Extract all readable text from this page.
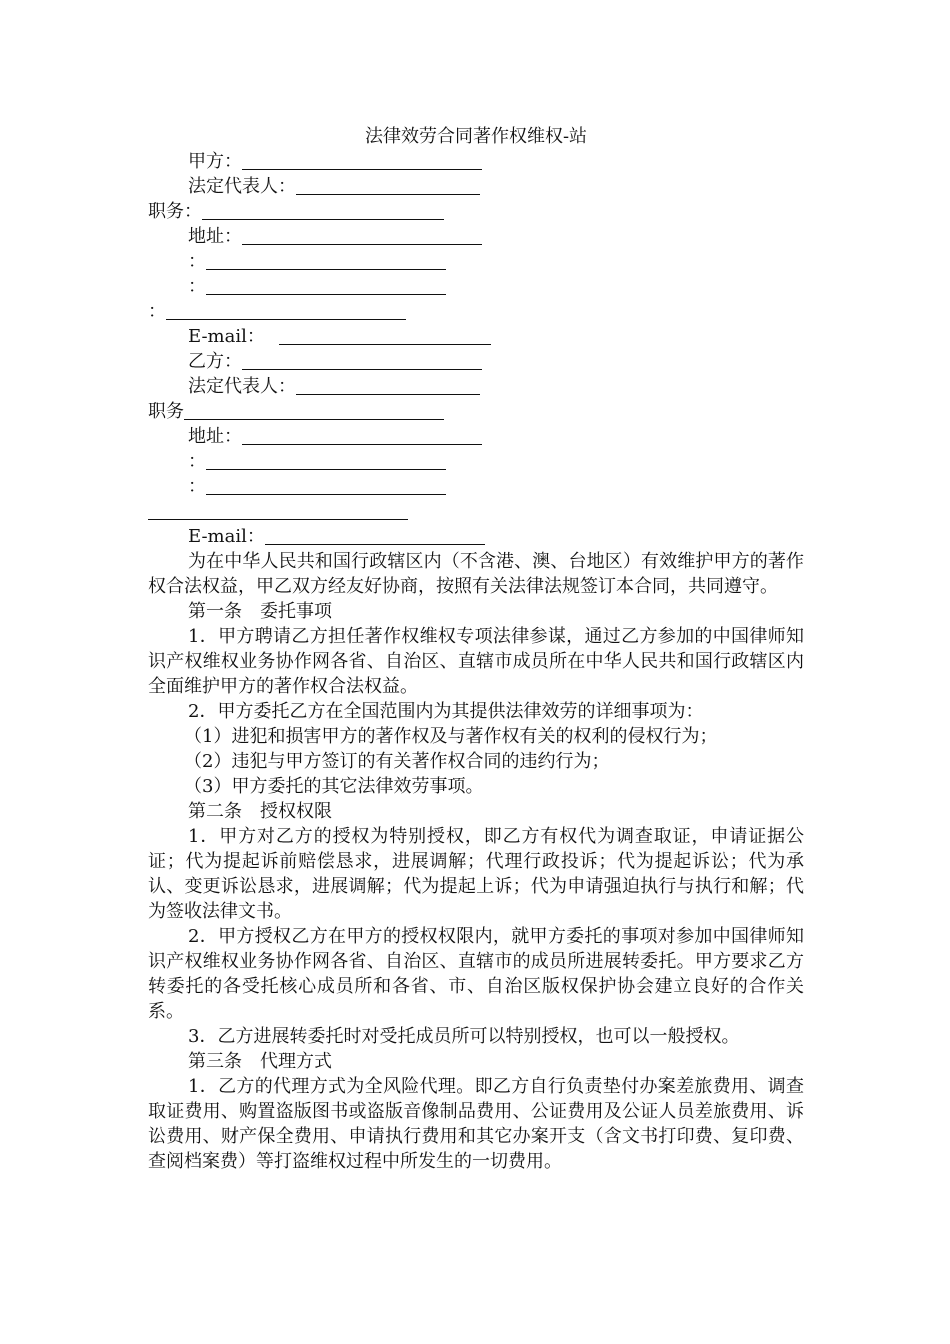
法律效劳合同著作权维权-站

甲方：

法定代表人：

职务：

地址：

：

：

：

E-mail：

乙方：

法定代表人：

职务

地址：

：

：

E-mail：

为在中华人民共和国行政辖区内（不含港、澳、台地区）有效维护甲方的著作权合法权益，甲乙双方经友好协商，按照有关法律法规签订本合同，共同遵守。

第一条　委托事项

1．甲方聘请乙方担任著作权维权专项法律参谋，通过乙方参加的中国律师知识产权维权业务协作网各省、自治区、直辖市成员所在中华人民共和国行政辖区内全面维护甲方的著作权合法权益。

2．甲方委托乙方在全国范围内为其提供法律效劳的详细事项为：

（1）进犯和损害甲方的著作权及与著作权有关的权利的侵权行为；

（2）违犯与甲方签订的有关著作权合同的违约行为；

（3）甲方委托的其它法律效劳事项。

第二条　授权权限

1．甲方对乙方的授权为特别授权，即乙方有权代为调查取证，申请证据公证；代为提起诉前赔偿恳求，进展调解；代理行政投诉；代为提起诉讼；代为承认、变更诉讼恳求，进展调解；代为提起上诉；代为申请强迫执行与执行和解；代为签收法律文书。

2．甲方授权乙方在甲方的授权权限内，就甲方委托的事项对参加中国律师知识产权维权业务协作网各省、自治区、直辖市的成员所进展转委托。甲方要求乙方转委托的各受托核心成员所和各省、市、自治区版权保护协会建立良好的合作关系。

3．乙方进展转委托时对受托成员所可以特别授权，也可以一般授权。

第三条　代理方式

1．乙方的代理方式为全风险代理。即乙方自行负责垫付办案差旅费用、调查取证费用、购置盗版图书或盗版音像制品费用、公证费用及公证人员差旅费用、诉讼费用、财产保全费用、申请执行费用和其它办案开支（含文书打印费、复印费、查阅档案费）等打盗维权过程中所发生的一切费用。
